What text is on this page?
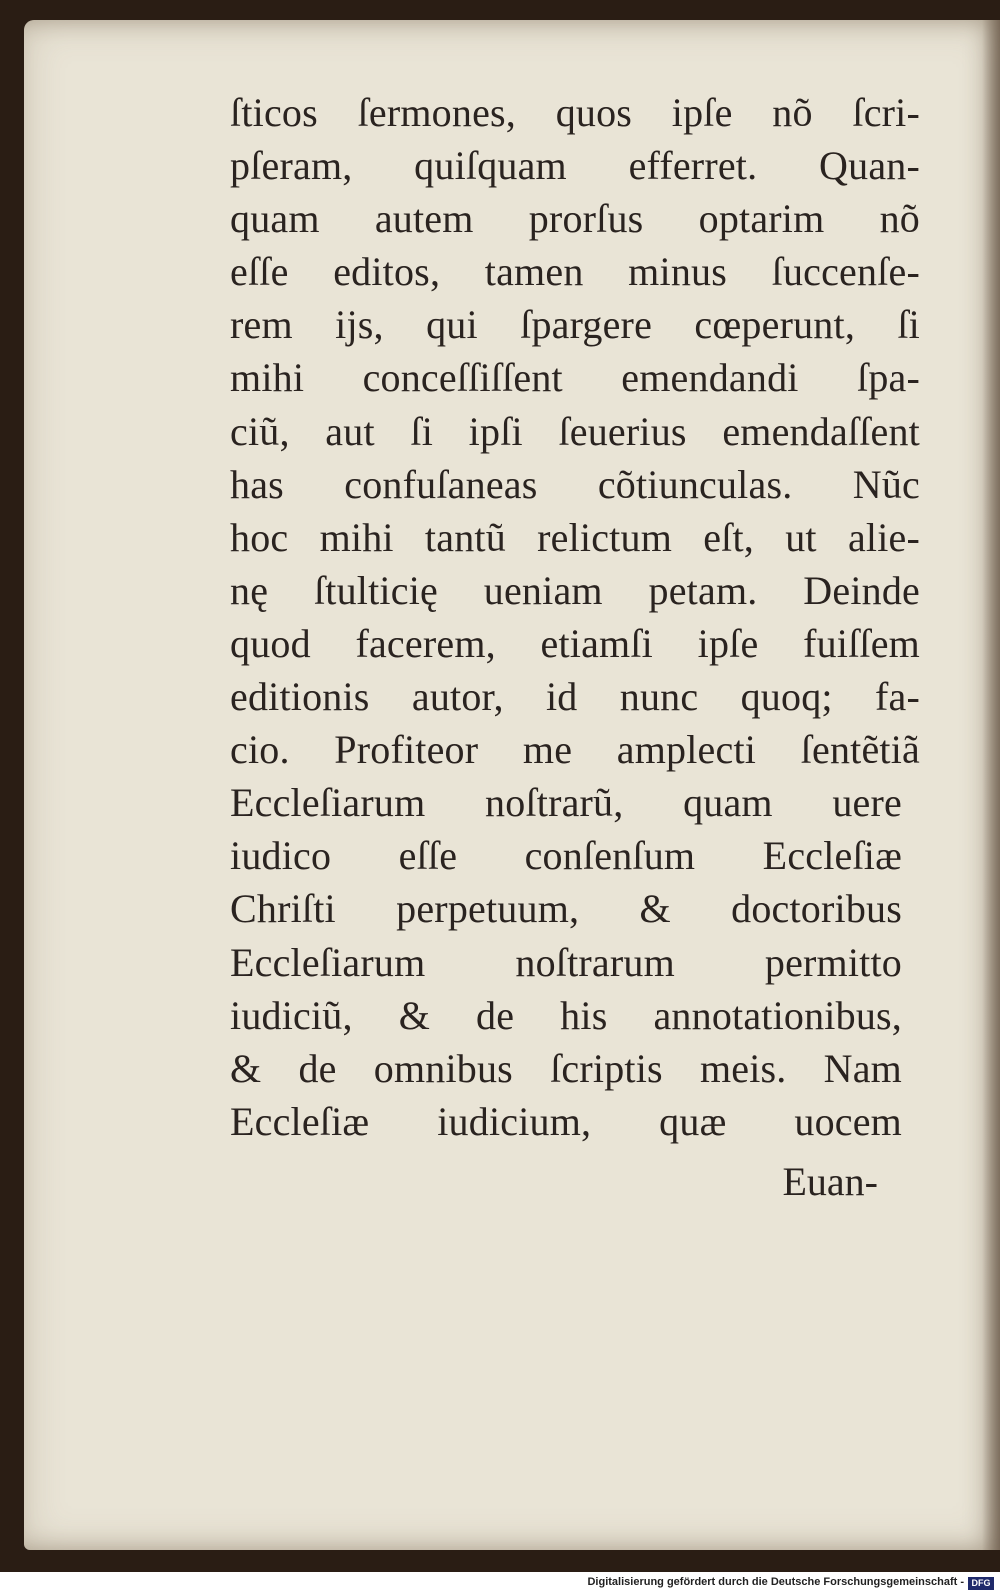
ſticos ſermones, quos ipſe nõ ſcri-
pſeram, quiſquam efferret. Quan-
quam autem prorſus optarim nõ
eſſe editos, tamen minus ſuccenſe-
rem ijs, qui ſpargere cœperunt, ſi
mihi conceſſiſſent emendandi ſpa-
ciũ, aut ſi ipſi ſeuerius emendaſſent
has confuſaneas cõtiunculas. Nũc
hoc mihi tantũ relictum eſt, ut alie-
nę ſtulticię ueniam petam. Deinde
quod facerem, etiamſi ipſe fuiſſem
editionis autor, id nunc quoq; fa-
cio. Profiteor me amplecti ſentẽtiã
Eccleſiarum noſtrarũ, quam uere
iudico eſſe conſenſum Eccleſiæ
Chriſti perpetuum, & doctoribus
Eccleſiarum noſtrarum permitto
iudiciũ, & de his annotationibus,
& de omnibus ſcriptis meis. Nam
Eccleſiæ iudicium, quæ uocem
Euan-
Digitalisierung gefördert durch die Deutsche Forschungsgemeinschaft - DFG
